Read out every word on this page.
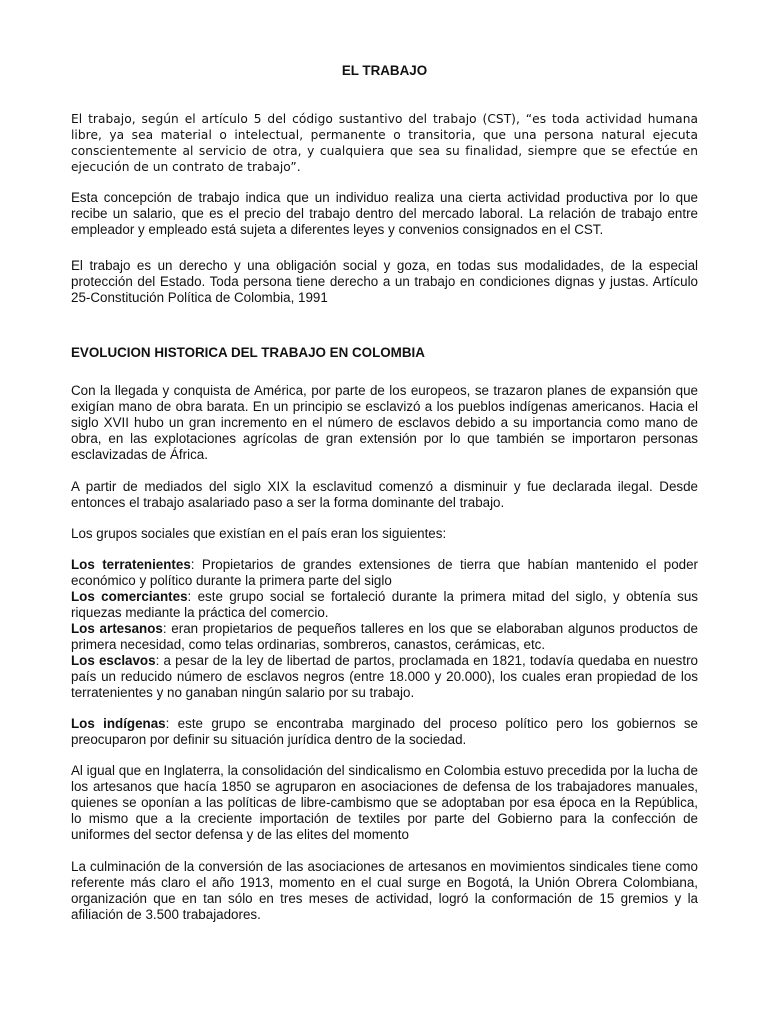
EL TRABAJO

El trabajo, según el artículo 5 del código sustantivo del trabajo (CST), “es toda actividad humana libre, ya sea material o intelectual, permanente o transitoria, que una persona natural ejecuta conscientemente al servicio de otra, y cualquiera que sea su finalidad, siempre que se efectúe en ejecución de un contrato de trabajo”.

Esta concepción de trabajo indica que un individuo realiza una cierta actividad productiva por lo que recibe un salario, que es el precio del trabajo dentro del mercado laboral. La relación de trabajo entre empleador y empleado está sujeta a diferentes leyes y convenios consignados en el CST.

El trabajo es un derecho y una obligación social y goza, en todas sus modalidades, de la especial protección del Estado. Toda persona tiene derecho a un trabajo en condiciones dignas y justas. Artículo 25-Constitución Política de Colombia, 1991

EVOLUCION HISTORICA DEL TRABAJO EN COLOMBIA

Con la llegada y conquista de América, por parte de los europeos, se trazaron planes de expansión que exigían mano de obra barata. En un principio se esclavizó a los pueblos indígenas americanos. Hacia el siglo XVII hubo un gran incremento en el número de esclavos debido a su importancia como mano de obra, en las explotaciones agrícolas de gran extensión por lo que también se importaron personas esclavizadas de África.

A partir de mediados del siglo XIX la esclavitud comenzó a disminuir y fue declarada ilegal. Desde entonces el trabajo asalariado paso a ser la forma dominante del trabajo.

Los grupos sociales que existían en el país eran los siguientes:

Los terratenientes: Propietarios de grandes extensiones de tierra que habían mantenido el poder económico y político durante la primera parte del siglo

Los comerciantes: este grupo social se fortaleció durante la primera mitad del siglo, y obtenía sus riquezas mediante la práctica del comercio.

Los artesanos: eran propietarios de pequeños talleres en los que se elaboraban algunos productos de primera necesidad, como telas ordinarias, sombreros, canastos, cerámicas, etc.

Los esclavos: a pesar de la ley de libertad de partos, proclamada en 1821, todavía quedaba en nuestro país un reducido número de esclavos negros (entre 18.000 y 20.000), los cuales eran propiedad de los terratenientes y no ganaban ningún salario por su trabajo.

Los indígenas: este grupo se encontraba marginado del proceso político pero los gobiernos se preocuparon por definir su situación jurídica dentro de la sociedad.

Al igual que en Inglaterra, la consolidación del sindicalismo en Colombia estuvo precedida por la lucha de los artesanos que hacía 1850 se agruparon en asociaciones de defensa de los trabajadores manuales, quienes se oponían a las políticas de libre-cambismo que se adoptaban por esa época en la República, lo mismo que a la creciente importación de textiles por parte del Gobierno para la confección de uniformes del sector defensa y de las elites del momento

La culminación de la conversión de las asociaciones de artesanos en movimientos sindicales tiene como referente más claro el año 1913, momento en el cual surge en Bogotá, la Unión Obrera Colombiana, organización que en tan sólo en tres meses de actividad, logró la conformación de 15 gremios y la afiliación de 3.500 trabajadores.
